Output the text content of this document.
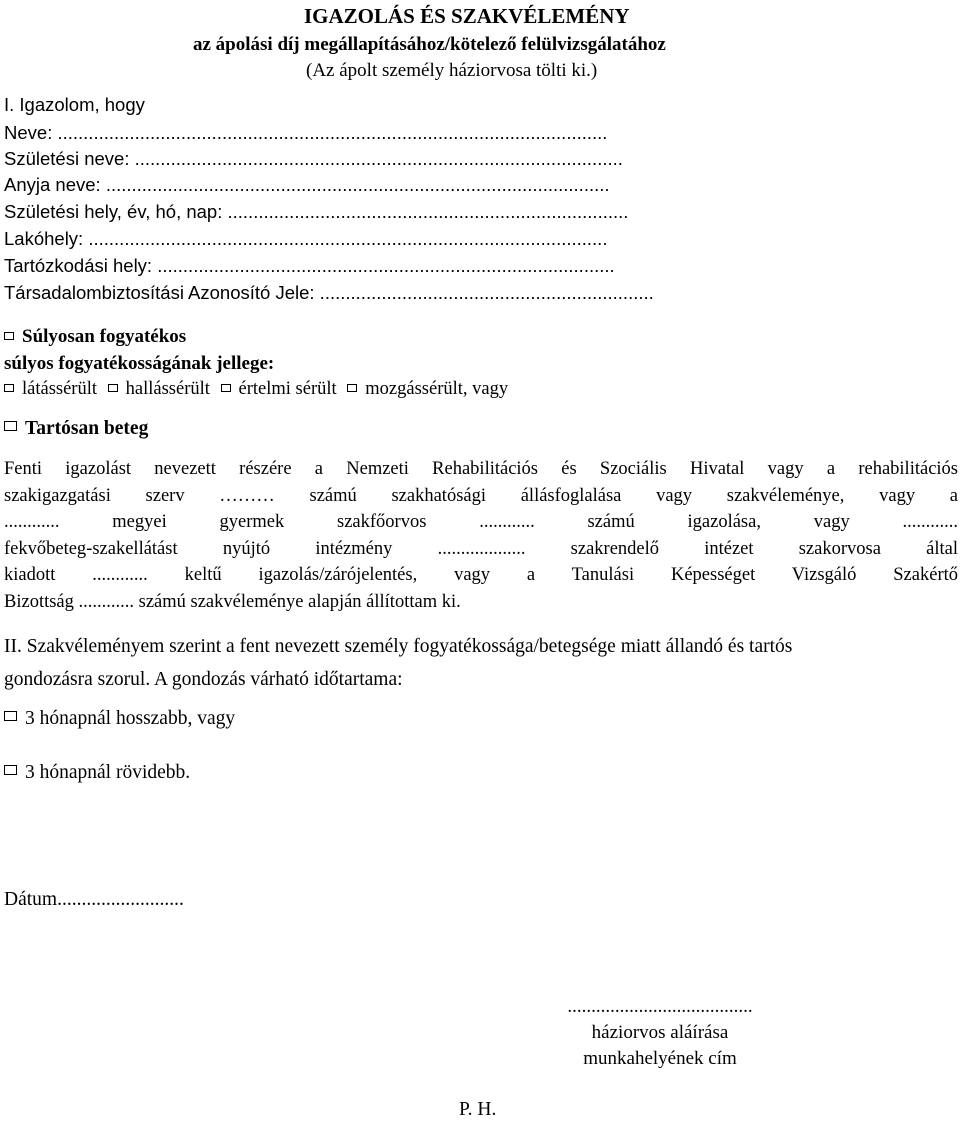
IGAZOLÁS ÉS SZAKVÉLEMÉNY
az ápolási díj megállapításához/kötelező felülvizsgálatához
(Az ápolt személy háziorvosa tölti ki.)
I. Igazolom, hogy
Neve: ...........................................................................................................
Születési neve: ...............................................................................................
Anyja neve: ..................................................................................................
Születési hely, év, hó, nap: ..............................................................................
Lakóhely: .....................................................................................................
Tartózkodási hely: .........................................................................................
Társadalombiztosítási Azonosító Jele: .................................................................
Súlyosan fogyatékos
súlyos fogyatékosságának jellege:
látássérült hallássérült értelmi sérült mozgássérült, vagy
Tartósan beteg
Fenti igazolást nevezett részére a Nemzeti Rehabilitációs és Szociális Hivatal vagy a rehabilitációs
szakigazgatási szerv ……… számú szakhatósági állásfoglalása vagy szakvéleménye, vagy a
............ megyei gyermek szakfőorvos ............ számú igazolása, vagy ............
fekvőbeteg-szakellátást nyújtó intézmény ................... szakrendelő intézet szakorvosa által
kiadott ............ keltű igazolás/zárójelentés, vagy a Tanulási Képességet Vizsgáló Szakértő
Bizottság ............ számú szakvéleménye alapján állítottam ki.
II. Szakvéleményem szerint a fent nevezett személy fogyatékossága/betegsége miatt állandó és tartós
gondozásra szorul. A gondozás várható időtartama:
3 hónapnál hosszabb, vagy
3 hónapnál rövidebb.
Dátum..........................
.......................................
háziorvos aláírása
munkahelyének cím
P. H.
